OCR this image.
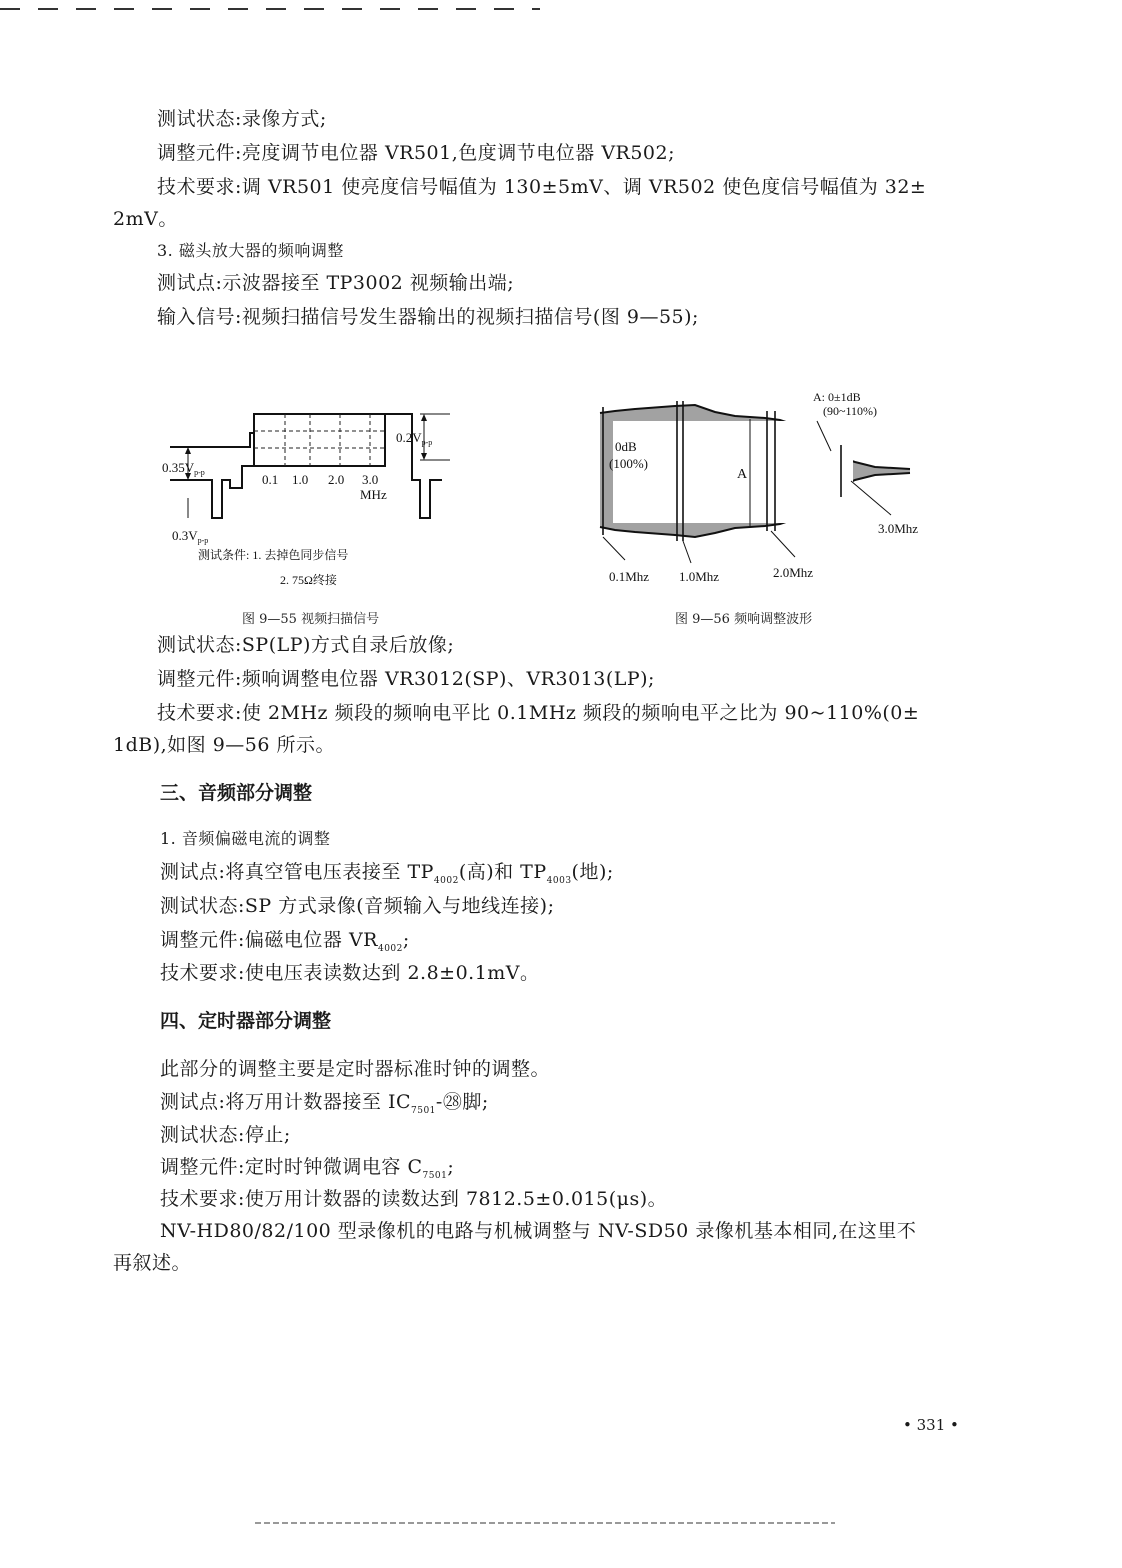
测试状态:录像方式;
调整元件:亮度调节电位器 VR501,色度调节电位器 VR502;
技术要求:调 VR501 使亮度信号幅值为 130±5mV、调 VR502 使色度信号幅值为 32±
2mV。
3. 磁头放大器的频响调整
测试点:示波器接至 TP3002 视频输出端;
输入信号:视频扫描信号发生器输出的视频扫描信号(图 9—55);
$0.2V_{p-p}$
$0.35V_{p-p}$
$0.3V_{p-p}$
0.1 1.0 2.0 3.0
MHz
测试条件: 1. 去掉色同步信号
2. 75Ω终接
图 9—55 视频扫描信号
A: 0±1dB
(90~110%)
0dB
(100%)
A
0.1Mhz 1.0Mhz	2.0Mhz
3.0Mhz
图 9—56 频响调整波形
测试状态:SP(LP)方式自录后放像;
调整元件:频响调整电位器 VR3012(SP)、VR3013(LP);
技术要求:使 2MHz 频段的频响电平比 0.1MHz 频段的频响电平之比为 90~110%(0±
1dB),如图 9—56 所示。
三、音频部分调整
1. 音频偏磁电流的调整
测试点:将真空管电压表接至 $TP_{4002}$(高)和 $TP_{4003}$(地);
测试状态:SP 方式录像(音频输入与地线连接);
调整元件:偏磁电位器 $VR_{4002}$;
技术要求:使电压表读数达到 2.8±0.1mV。
四、定时器部分调整
此部分的调整主要是定时器标准时钟的调整。
测试点:将万用计数器接至 $IC_{7501}-㉘$脚;
测试状态:停止;
调整元件:定时时钟微调电容 $C_{7501}$;
技术要求:使万用计数器的读数达到 7812.5±0.015(μs)。
NV-HD80/82/100 型录像机的电路与机械调整与 NV-SD50 录像机基本相同,在这里不
再叙述。
• 331 •
